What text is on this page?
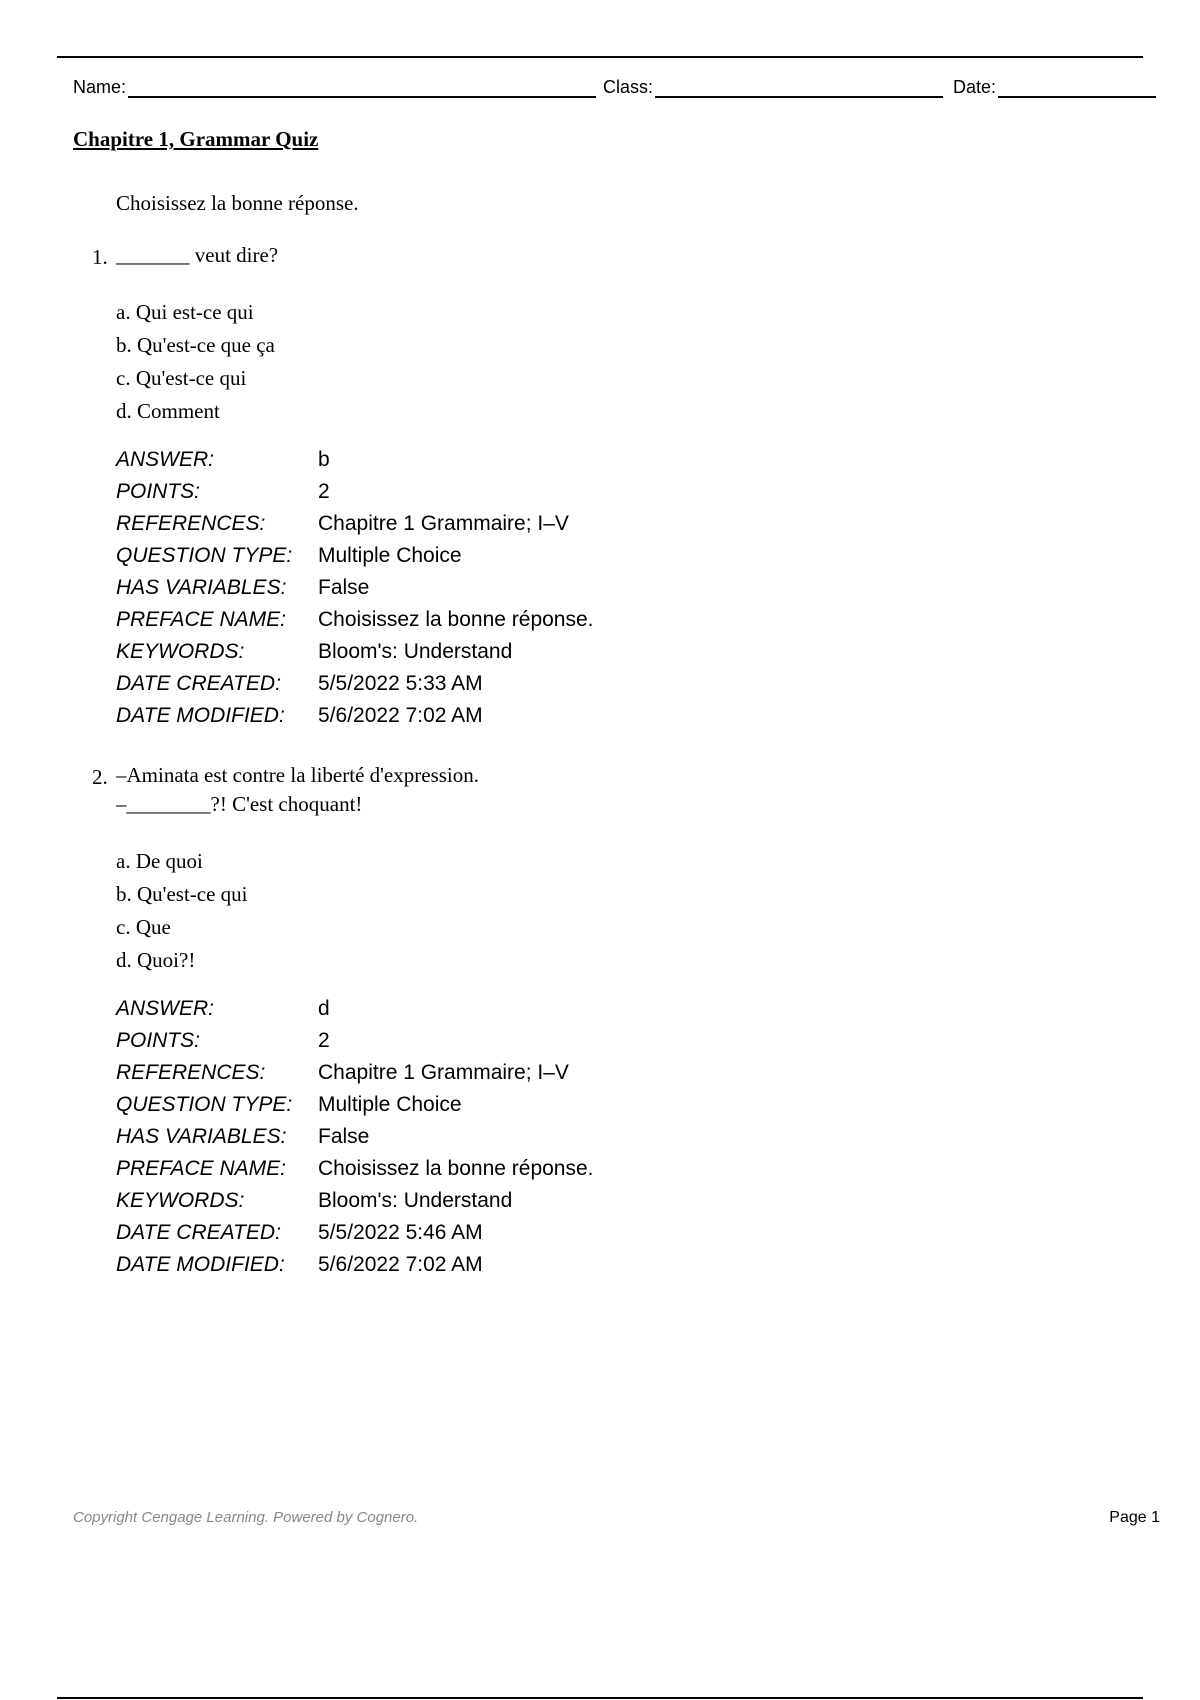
Name:	Class:	Date:
Chapitre 1, Grammar Quiz
Choisissez la bonne réponse.
1. _______ veut dire?
a. Qui est-ce qui
b. Qu'est-ce que ça
c. Qu'est-ce qui
d. Comment
ANSWER:	b
POINTS:	2
REFERENCES:	Chapitre 1 Grammaire; I–V
QUESTION TYPE:	Multiple Choice
HAS VARIABLES:	False
PREFACE NAME:	Choisissez la bonne réponse.
KEYWORDS:	Bloom's: Understand
DATE CREATED:	5/5/2022 5:33 AM
DATE MODIFIED:	5/6/2022 7:02 AM
2. –Aminata est contre la liberté d'expression.
–________?! C'est choquant!
a. De quoi
b. Qu'est-ce qui
c. Que
d. Quoi?!
ANSWER:	d
POINTS:	2
REFERENCES:	Chapitre 1 Grammaire; I–V
QUESTION TYPE:	Multiple Choice
HAS VARIABLES:	False
PREFACE NAME:	Choisissez la bonne réponse.
KEYWORDS:	Bloom's: Understand
DATE CREATED:	5/5/2022 5:46 AM
DATE MODIFIED:	5/6/2022 7:02 AM
Copyright Cengage Learning. Powered by Cognero.	Page 1
